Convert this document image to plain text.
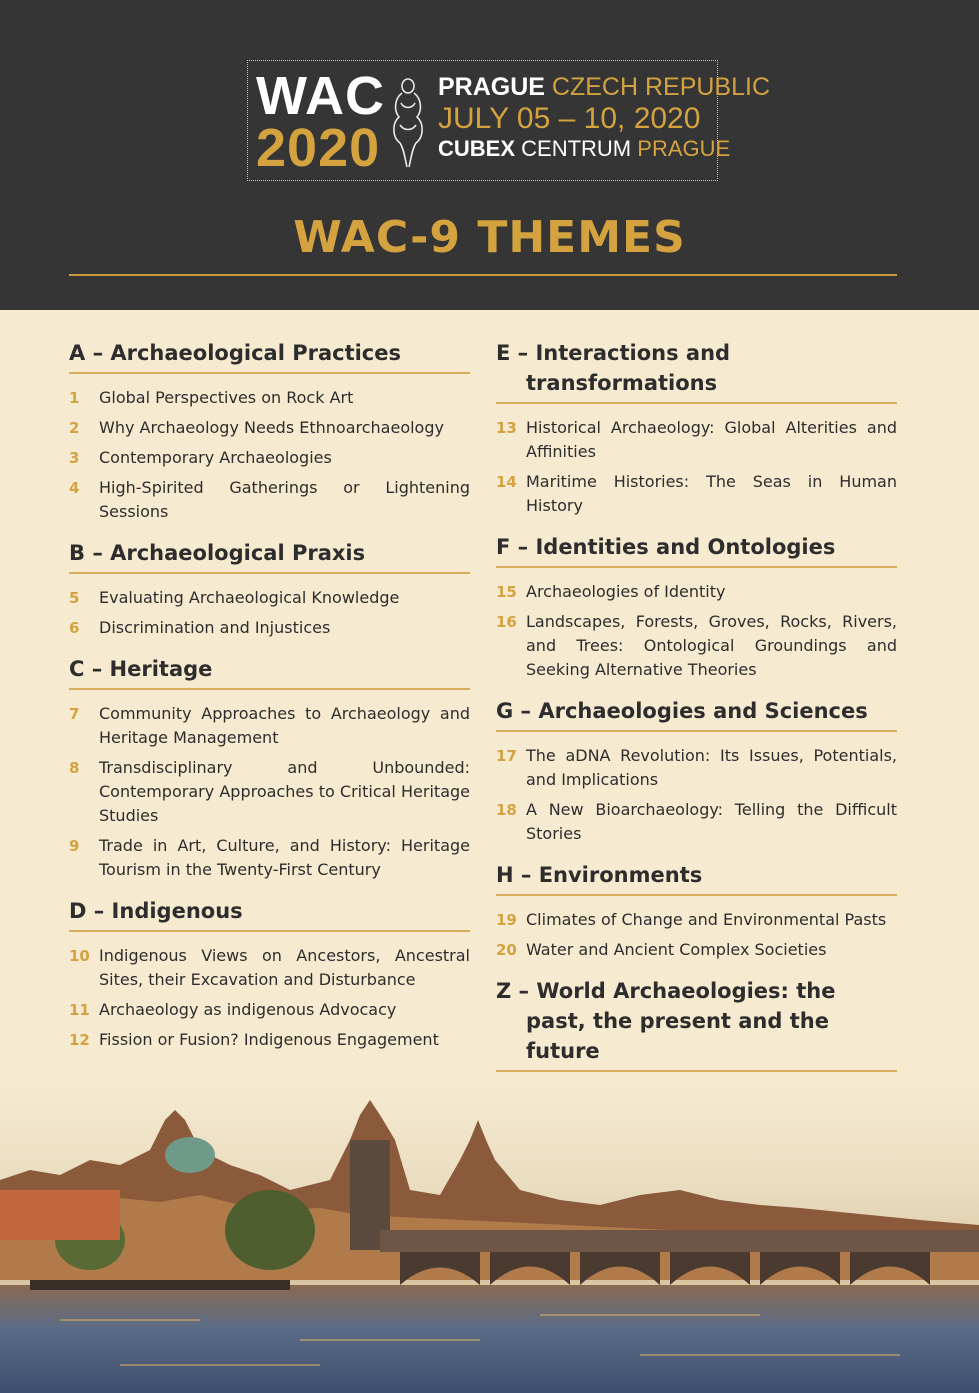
WAC
2020
PRAGUE CZECH REPUBLIC
JULY 05 – 10, 2020
CUBEX CENTRUM PRAGUE
WAC-9 THEMES
A – Archaeological Practices
1	Global Perspectives on Rock Art
2	Why Archaeology Needs Ethnoarchaeology
3	Contemporary Archaeologies
4	High-Spirited Gatherings or Lightening Sessions
B – Archaeological Praxis
5	Evaluating Archaeological Knowledge
6	Discrimination and Injustices
C – Heritage
7	Community Approaches to Archaeology and Heritage Management
8	Transdisciplinary and Unbounded: Contemporary Approaches to Critical Heritage Studies
9	Trade in Art, Culture, and History: Heritage Tourism in the Twenty-First Century
D – Indigenous
10 Indigenous Views on Ancestors, Ancestral Sites, their Excavation and Disturbance
11 Archaeology as indigenous Advocacy
12 Fission or Fusion? Indigenous Engagement
E – Interactions and transformations
13 Historical Archaeology: Global Alterities and Affinities
14 Maritime Histories: The Seas in Human History
F – Identities and Ontologies
15 Archaeologies of Identity
16 Landscapes, Forests, Groves, Rocks, Rivers, and Trees: Ontological Groundings and Seeking Alternative Theories
G – Archaeologies and Sciences
17 The aDNA Revolution: Its Issues, Potentials, and Implications
18 A New Bioarchaeology: Telling the Difficult Stories
H – Environments
19 Climates of Change and Environmental Pasts
20 Water and Ancient Complex Societies
Z – World Archaeologies: the past, the present and the future
